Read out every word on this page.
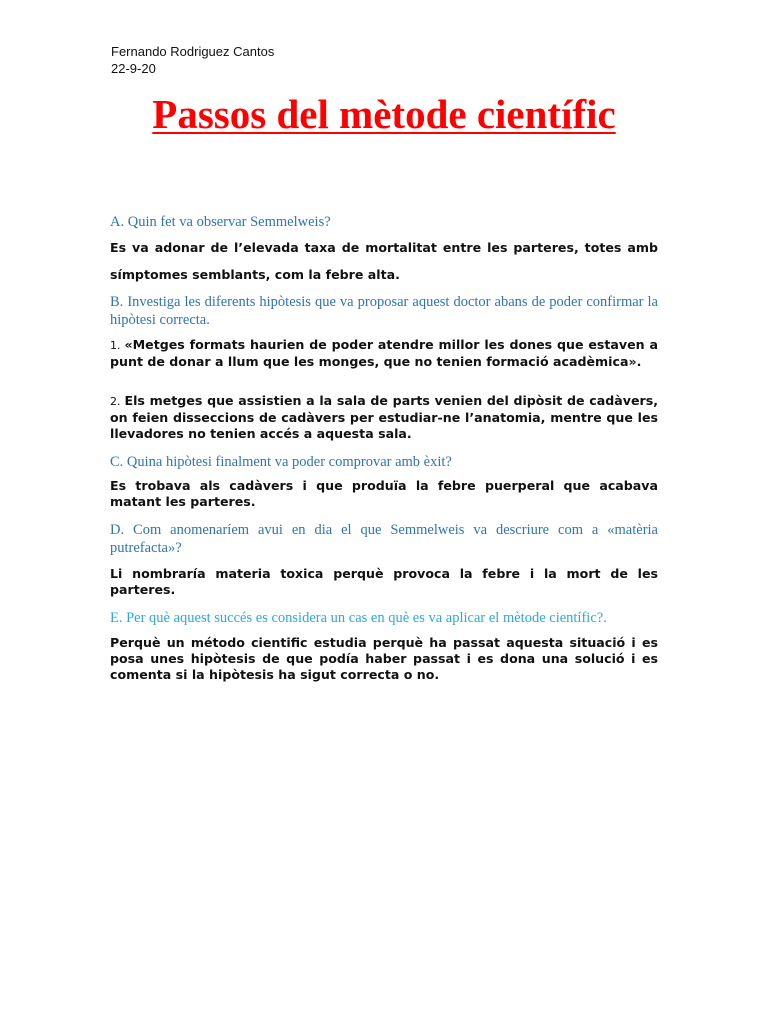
Fernando Rodriguez Cantos
22-9-20
Passos del mètode científic
A. Quin fet va observar Semmelweis?
Es va adonar de l’elevada taxa de mortalitat entre les parteres, totes amb símptomes semblants, com la febre alta.
B. Investiga les diferents hipòtesis que va proposar aquest doctor abans de poder confirmar la hipòtesi correcta.
1. «Metges formats haurien de poder atendre millor les dones que estaven a punt de donar a llum que les monges, que no tenien formació acadèmica».
2. Els metges que assistien a la sala de parts venien del dipòsit de cadàvers, on feien disseccions de cadàvers per estudiar-ne l’anatomia, mentre que les llevadores no tenien accés a aquesta sala.
C. Quina hipòtesi finalment va poder comprovar amb èxit?
Es trobava als cadàvers i que produïa la febre puerperal que acabava matant les parteres.
D. Com anomenaríem avui en dia el que Semmelweis va descriure com a «matèria putrefacta»?
Li nombraría materia toxica perquè provoca la febre i la mort de les parteres.
E. Per què aquest succés es considera un cas en què es va aplicar el mètode científic?.
Perquè un método cientific estudia perquè ha passat aquesta situació i es posa unes hipòtesis de que podía haber passat i es dona una solució i es comenta si la hipòtesis ha sigut correcta o no.
